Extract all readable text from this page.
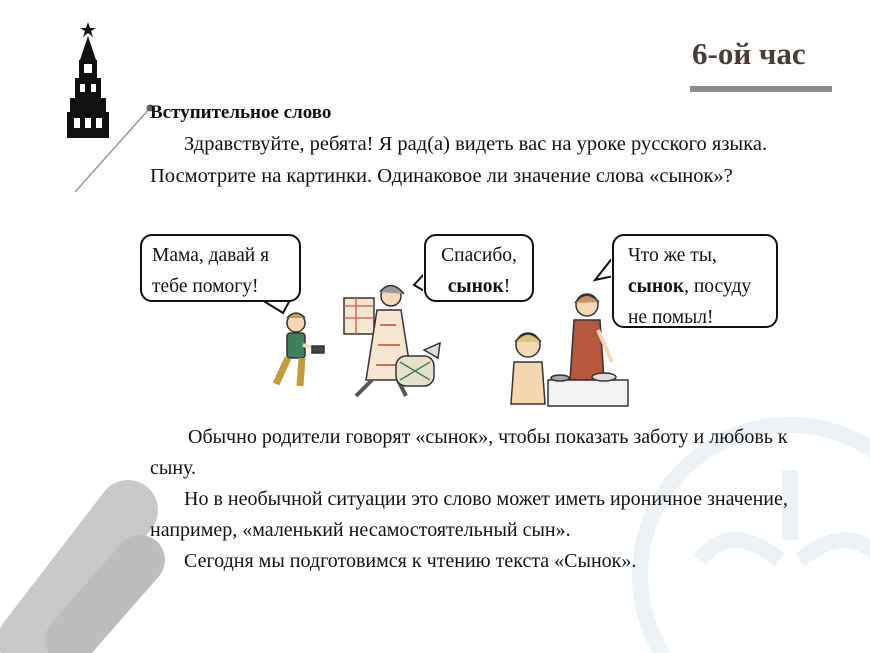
6-ой час
Вступительное слово

Здравствуйте, ребята! Я рад(а) видеть вас на уроке русского языка. Посмотрите на картинки. Одинаковое ли значение слова «сынок»?

Мама, давай я
тебе помогу!
Спасибо,
сынок!
Что же ты,
сынок, посуду
не помыл!

Обычно родители говорят «сынок», чтобы показать заботу и любовь к сыну.

Но в необычной ситуации это слово может иметь ироничное значение, например, «маленький несамостоятельный сын».

Сегодня мы подготовимся к чтению текста «Сынок».
